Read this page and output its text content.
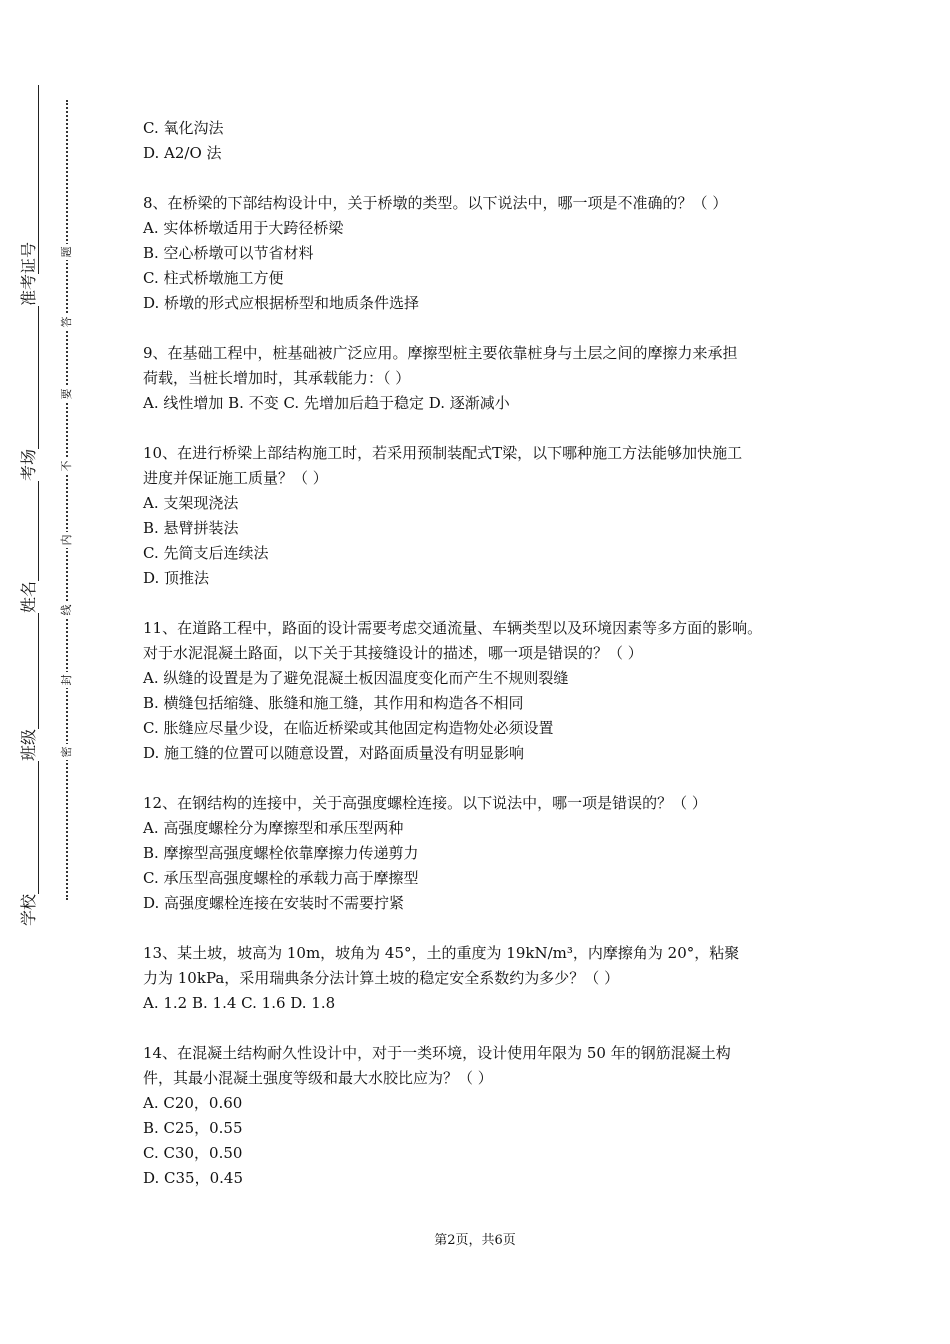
准考证号
考场
姓名
班级
学校
题
答
要
不
内
线
封
密
C. 氧化沟法
D. A2/O 法
8、在桥梁的下部结构设计中，关于桥墩的类型。以下说法中，哪一项是不准确的？（ ）
A. 实体桥墩适用于大跨径桥梁
B. 空心桥墩可以节省材料
C. 柱式桥墩施工方便
D. 桥墩的形式应根据桥型和地质条件选择
9、在基础工程中，桩基础被广泛应用。摩擦型桩主要依靠桩身与土层之间的摩擦力来承担
荷载，当桩长增加时，其承载能力：（ ）
A. 线性增加 B. 不变 C. 先增加后趋于稳定 D. 逐渐减小
10、在进行桥梁上部结构施工时，若采用预制装配式T梁，以下哪种施工方法能够加快施工
进度并保证施工质量？（ ）
A. 支架现浇法
B. 悬臂拼装法
C. 先简支后连续法
D. 顶推法
11、在道路工程中，路面的设计需要考虑交通流量、车辆类型以及环境因素等多方面的影响。
对于水泥混凝土路面，以下关于其接缝设计的描述，哪一项是错误的？（ ）
A. 纵缝的设置是为了避免混凝土板因温度变化而产生不规则裂缝
B. 横缝包括缩缝、胀缝和施工缝，其作用和构造各不相同
C. 胀缝应尽量少设，在临近桥梁或其他固定构造物处必须设置
D. 施工缝的位置可以随意设置，对路面质量没有明显影响
12、在钢结构的连接中，关于高强度螺栓连接。以下说法中，哪一项是错误的？（ ）
A. 高强度螺栓分为摩擦型和承压型两种
B. 摩擦型高强度螺栓依靠摩擦力传递剪力
C. 承压型高强度螺栓的承载力高于摩擦型
D. 高强度螺栓连接在安装时不需要拧紧
13、某土坡，坡高为 10m，坡角为 45°，土的重度为 19kN/m³，内摩擦角为 20°，粘聚
力为 10kPa，采用瑞典条分法计算土坡的稳定安全系数约为多少？（ ）
A. 1.2 B. 1.4 C. 1.6 D. 1.8
14、在混凝土结构耐久性设计中，对于一类环境，设计使用年限为 50 年的钢筋混凝土构
件，其最小混凝土强度等级和最大水胶比应为？（ ）
A. C20，0.60
B. C25，0.55
C. C30，0.50
D. C35，0.45
第2页，共6页
